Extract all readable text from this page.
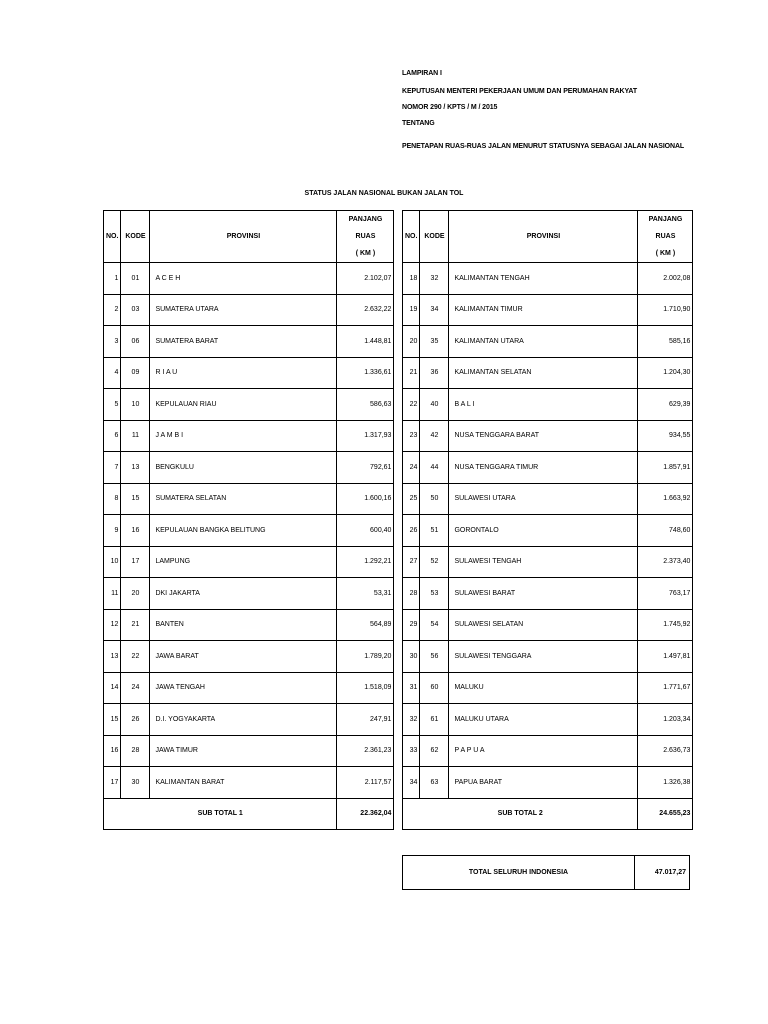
LAMPIRAN I
KEPUTUSAN MENTERI PEKERJAAN UMUM DAN PERUMAHAN RAKYAT
NOMOR 290 / KPTS / M / 2015
TENTANG
PENETAPAN RUAS-RUAS JALAN MENURUT STATUSNYA SEBAGAI JALAN NASIONAL
STATUS JALAN NASIONAL BUKAN JALAN TOL
NO.	KODE	PROVINSI	PANJANG
RUAS
( KM )

1	01	A C E H	2.102,07
2	03	SUMATERA UTARA	2.632,22
3	06	SUMATERA BARAT	1.448,81
4	09	R I A U	1.336,61
5	10	KEPULAUAN RIAU	586,63
6	11	J A M B I	1.317,93
7	13	BENGKULU	792,61
8	15	SUMATERA SELATAN	1.600,16
9	16	KEPULAUAN BANGKA BELITUNG	600,40
10	17	LAMPUNG	1.292,21
11	20	DKI JAKARTA	53,31
12	21	BANTEN	564,89
13	22	JAWA BARAT	1.789,20
14	24	JAWA TENGAH	1.518,09
15	26	D.I. YOGYAKARTA	247,91
16	28	JAWA TIMUR	2.361,23
17	30	KALIMANTAN BARAT	2.117,57
SUB TOTAL 1			22.362,04
NO.	KODE	PROVINSI	PANJANG
RUAS
( KM )

18	32	KALIMANTAN TENGAH	2.002,08
19	34	KALIMANTAN TIMUR	1.710,90
20	35	KALIMANTAN UTARA	585,16
21	36	KALIMANTAN SELATAN	1.204,30
22	40	B A L I	629,39
23	42	NUSA TENGGARA BARAT	934,55
24	44	NUSA TENGGARA TIMUR	1.857,91
25	50	SULAWESI UTARA	1.663,92
26	51	GORONTALO	748,60
27	52	SULAWESI TENGAH	2.373,40
28	53	SULAWESI BARAT	763,17
29	54	SULAWESI SELATAN	1.745,92
30	56	SULAWESI TENGGARA	1.497,81
31	60	MALUKU	1.771,67
32	61	MALUKU UTARA	1.203,34
33	62	P A P U A	2.636,73
34	63	PAPUA BARAT	1.326,38
SUB TOTAL 2			24.655,23
TOTAL SELURUH INDONESIA	47.017,27
